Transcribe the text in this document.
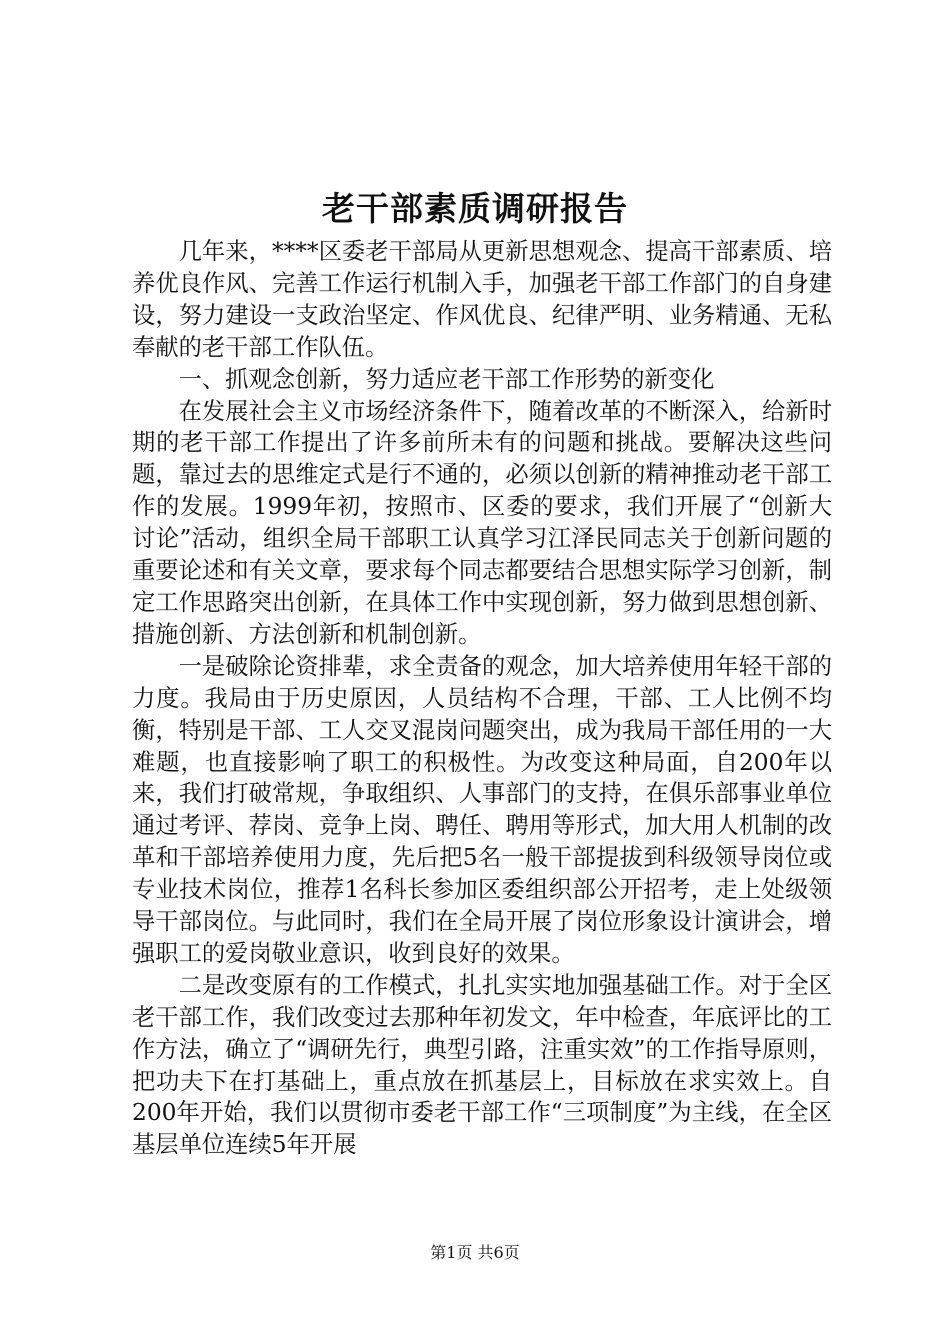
老干部素质调研报告

几年来，****区委老干部局从更新思想观念、提高干部素质、培养优良作风、完善工作运行机制入手，加强老干部工作部门的自身建设，努力建设一支政治坚定、作风优良、纪律严明、业务精通、无私奉献的老干部工作队伍。

一、抓观念创新，努力适应老干部工作形势的新变化

在发展社会主义市场经济条件下，随着改革的不断深入，给新时期的老干部工作提出了许多前所未有的问题和挑战。要解决这些问题，靠过去的思维定式是行不通的，必须以创新的精神推动老干部工作的发展。1999年初，按照市、区委的要求，我们开展了“创新大讨论”活动，组织全局干部职工认真学习江泽民同志关于创新问题的重要论述和有关文章，要求每个同志都要结合思想实际学习创新，制定工作思路突出创新，在具体工作中实现创新，努力做到思想创新、措施创新、方法创新和机制创新。

一是破除论资排辈，求全责备的观念，加大培养使用年轻干部的力度。我局由于历史原因，人员结构不合理，干部、工人比例不均衡，特别是干部、工人交叉混岗问题突出，成为我局干部任用的一大难题，也直接影响了职工的积极性。为改变这种局面，自200年以来，我们打破常规，争取组织、人事部门的支持，在俱乐部事业单位通过考评、荐岗、竞争上岗、聘任、聘用等形式，加大用人机制的改革和干部培养使用力度，先后把5名一般干部提拔到科级领导岗位或专业技术岗位，推荐1名科长参加区委组织部公开招考，走上处级领导干部岗位。与此同时，我们在全局开展了岗位形象设计演讲会，增强职工的爱岗敬业意识，收到良好的效果。

二是改变原有的工作模式，扎扎实实地加强基础工作。对于全区老干部工作，我们改变过去那种年初发文，年中检查，年底评比的工作方法，确立了“调研先行，典型引路，注重实效”的工作指导原则，把功夫下在打基础上，重点放在抓基层上，目标放在求实效上。自200年开始，我们以贯彻市委老干部工作“三项制度”为主线，在全区基层单位连续5年开展

第1页 共6页
